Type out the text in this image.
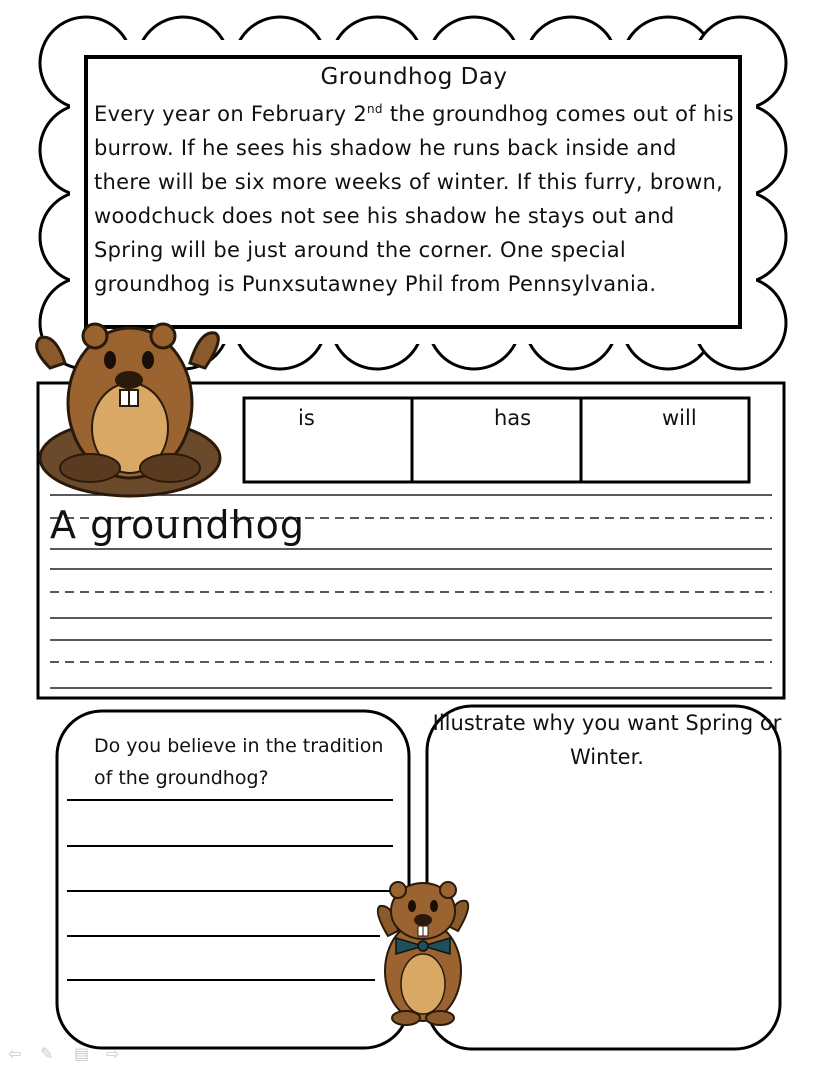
Groundhog Day
Every year on February 2nd the groundhog comes out of his burrow. If he sees his shadow he runs back inside and there will be six more weeks of winter. If this furry, brown, woodchuck does not see his shadow he stays out and Spring will be just around the corner. One special groundhog is Punxsutawney Phil from Pennsylvania.
is	has	will
A groundhog
Do you believe in the tradition of the groundhog?
Illustrate why you want Spring or Winter.
⇦ ✎ ▤ ⇨
